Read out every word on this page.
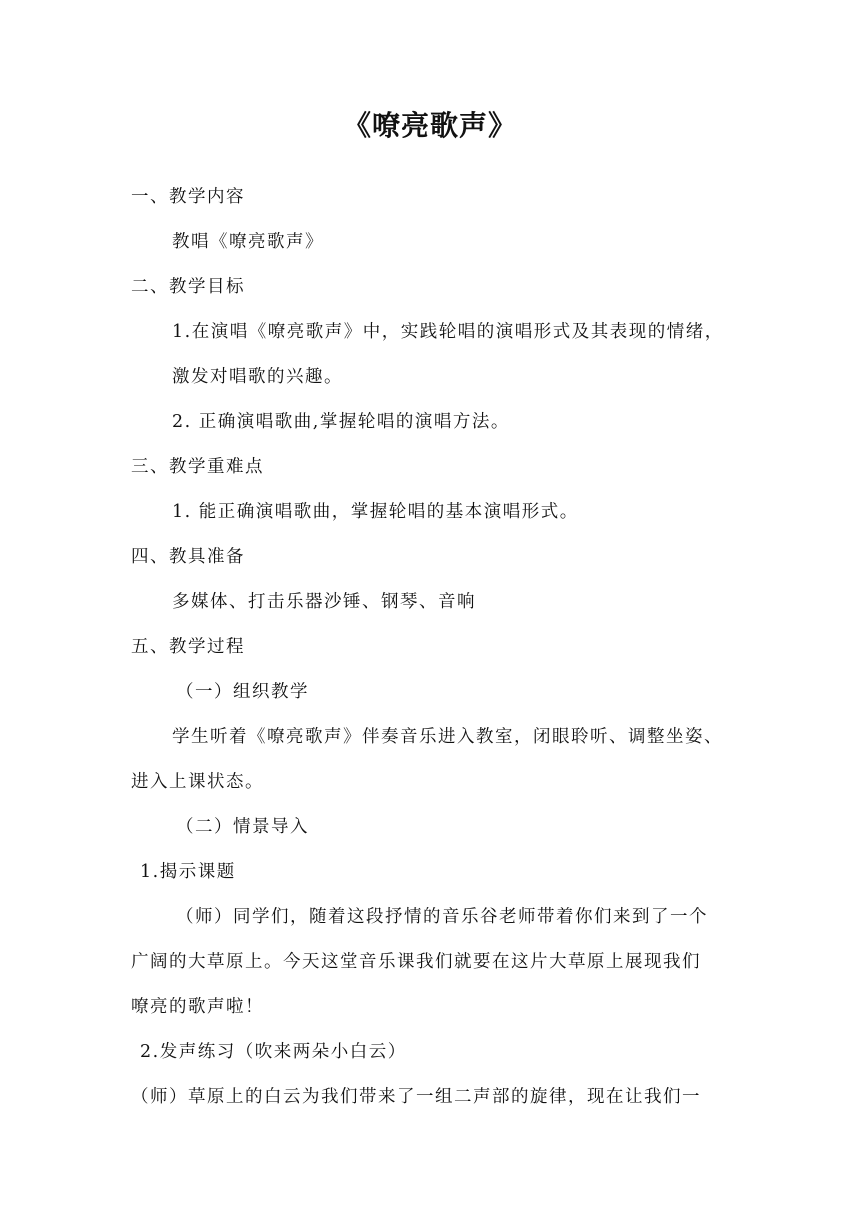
《嘹亮歌声》
一、教学内容
教唱《嘹亮歌声》
二、教学目标
1.在演唱《嘹亮歌声》中，实践轮唱的演唱形式及其表现的情绪，
激发对唱歌的兴趣。
2. 正确演唱歌曲,掌握轮唱的演唱方法。
三、教学重难点
1. 能正确演唱歌曲，掌握轮唱的基本演唱形式。
四、教具准备
多媒体、打击乐器沙锤、钢琴、音响
五、教学过程
（一）组织教学
学生听着《嘹亮歌声》伴奏音乐进入教室，闭眼聆听、调整坐姿、
进入上课状态。
（二）情景导入
1.揭示课题
（师）同学们，随着这段抒情的音乐谷老师带着你们来到了一个
广阔的大草原上。今天这堂音乐课我们就要在这片大草原上展现我们
嘹亮的歌声啦！
2.发声练习（吹来两朵小白云）
（师）草原上的白云为我们带来了一组二声部的旋律，现在让我们一
